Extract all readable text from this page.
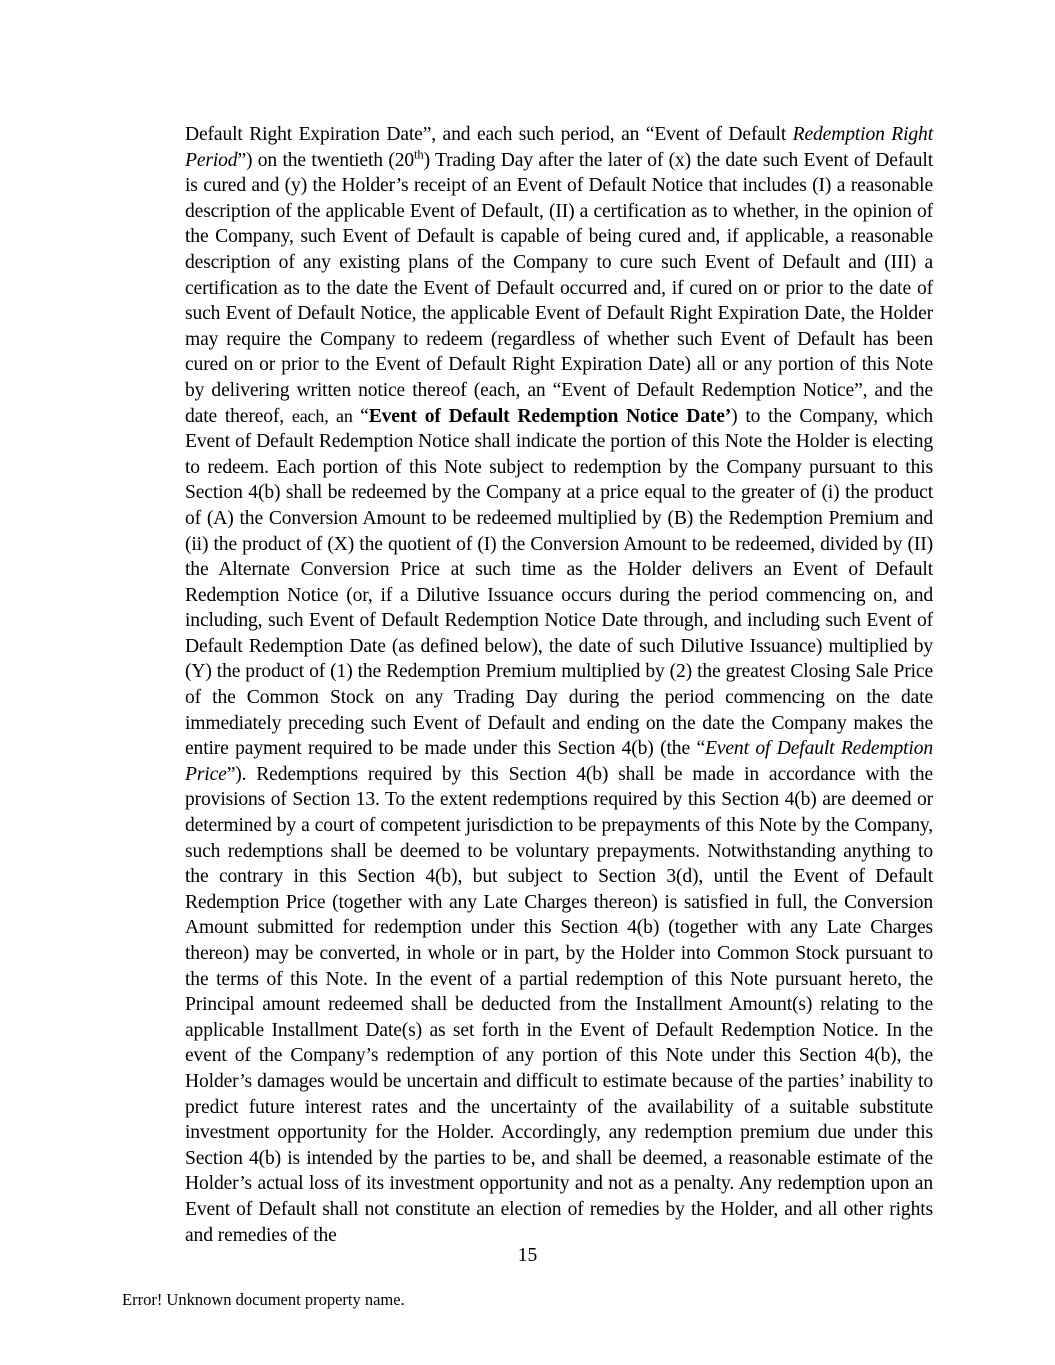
Default Right Expiration Date”, and each such period, an “Event of Default Redemption Right Period”) on the twentieth (20th) Trading Day after the later of (x) the date such Event of Default is cured and (y) the Holder’s receipt of an Event of Default Notice that includes (I) a reasonable description of the applicable Event of Default, (II) a certification as to whether, in the opinion of the Company, such Event of Default is capable of being cured and, if applicable, a reasonable description of any existing plans of the Company to cure such Event of Default and (III) a certification as to the date the Event of Default occurred and, if cured on or prior to the date of such Event of Default Notice, the applicable Event of Default Right Expiration Date, the Holder may require the Company to redeem (regardless of whether such Event of Default has been cured on or prior to the Event of Default Right Expiration Date) all or any portion of this Note by delivering written notice thereof (each, an “Event of Default Redemption Notice”, and the date thereof, each, an “Event of Default Redemption Notice Date’) to the Company, which Event of Default Redemption Notice shall indicate the portion of this Note the Holder is electing to redeem. Each portion of this Note subject to redemption by the Company pursuant to this Section 4(b) shall be redeemed by the Company at a price equal to the greater of (i) the product of (A) the Conversion Amount to be redeemed multiplied by (B) the Redemption Premium and (ii) the product of (X) the quotient of (I) the Conversion Amount to be redeemed, divided by (II) the Alternate Conversion Price at such time as the Holder delivers an Event of Default Redemption Notice (or, if a Dilutive Issuance occurs during the period commencing on, and including, such Event of Default Redemption Notice Date through, and including such Event of Default Redemption Date (as defined below), the date of such Dilutive Issuance) multiplied by (Y) the product of (1) the Redemption Premium multiplied by (2) the greatest Closing Sale Price of the Common Stock on any Trading Day during the period commencing on the date immediately preceding such Event of Default and ending on the date the Company makes the entire payment required to be made under this Section 4(b) (the “Event of Default Redemption Price”). Redemptions required by this Section 4(b) shall be made in accordance with the provisions of Section 13. To the extent redemptions required by this Section 4(b) are deemed or determined by a court of competent jurisdiction to be prepayments of this Note by the Company, such redemptions shall be deemed to be voluntary prepayments. Notwithstanding anything to the contrary in this Section 4(b), but subject to Section 3(d), until the Event of Default Redemption Price (together with any Late Charges thereon) is satisfied in full, the Conversion Amount submitted for redemption under this Section 4(b) (together with any Late Charges thereon) may be converted, in whole or in part, by the Holder into Common Stock pursuant to the terms of this Note. In the event of a partial redemption of this Note pursuant hereto, the Principal amount redeemed shall be deducted from the Installment Amount(s) relating to the applicable Installment Date(s) as set forth in the Event of Default Redemption Notice. In the event of the Company’s redemption of any portion of this Note under this Section 4(b), the Holder’s damages would be uncertain and difficult to estimate because of the parties’ inability to predict future interest rates and the uncertainty of the availability of a suitable substitute investment opportunity for the Holder. Accordingly, any redemption premium due under this Section 4(b) is intended by the parties to be, and shall be deemed, a reasonable estimate of the Holder’s actual loss of its investment opportunity and not as a penalty. Any redemption upon an Event of Default shall not constitute an election of remedies by the Holder, and all other rights and remedies of the

15
Error! Unknown document property name.
